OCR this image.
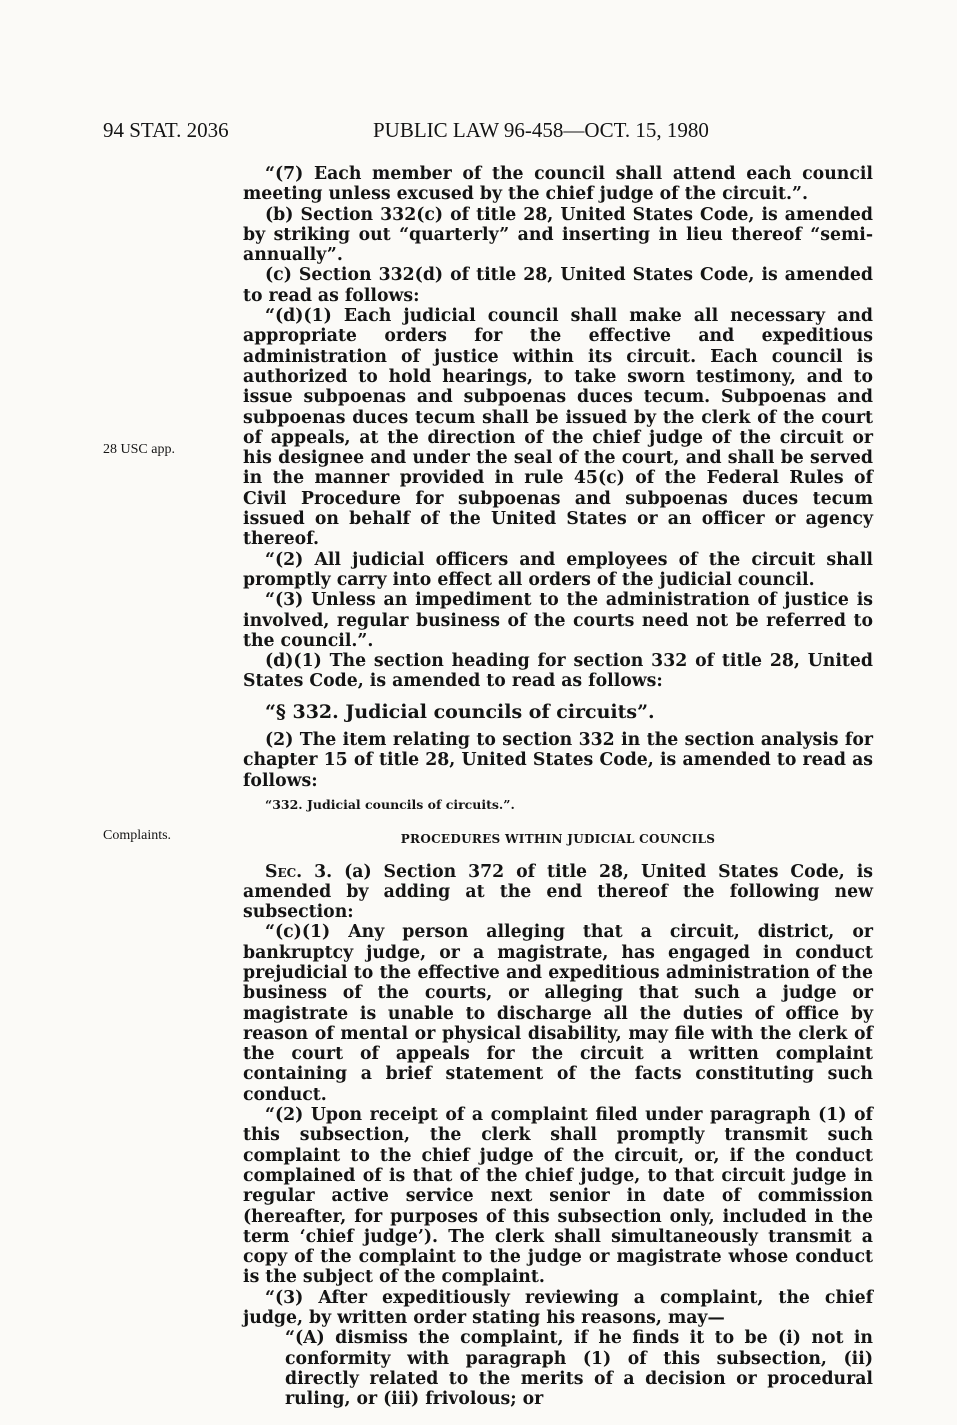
94 STAT. 2036	PUBLIC LAW 96-458—OCT. 15, 1980
28 USC app.
Complaints.

“(7) Each member of the council shall attend each council meeting unless excused by the chief judge of the circuit.”.

(b) Section 332(c) of title 28, United States Code, is amended by striking out “quarterly” and inserting in lieu thereof “semi-annually”.

(c) Section 332(d) of title 28, United States Code, is amended to read as follows:

“(d)(1) Each judicial council shall make all necessary and appropriate orders for the effective and expeditious administration of justice within its circuit. Each council is authorized to hold hearings, to take sworn testimony, and to issue subpoenas and subpoenas duces tecum. Subpoenas and subpoenas duces tecum shall be issued by the clerk of the court of appeals, at the direction of the chief judge of the circuit or his designee and under the seal of the court, and shall be served in the manner provided in rule 45(c) of the Federal Rules of Civil Procedure for subpoenas and subpoenas duces tecum issued on behalf of the United States or an officer or agency thereof.

“(2) All judicial officers and employees of the circuit shall promptly carry into effect all orders of the judicial council.

“(3) Unless an impediment to the administration of justice is involved, regular business of the courts need not be referred to the council.”.

(d)(1) The section heading for section 332 of title 28, United States Code, is amended to read as follows:

“§ 332. Judicial councils of circuits”.

(2) The item relating to section 332 in the section analysis for chapter 15 of title 28, United States Code, is amended to read as follows:

“332. Judicial councils of circuits.”.

PROCEDURES WITHIN JUDICIAL COUNCILS

Sec. 3. (a) Section 372 of title 28, United States Code, is amended by adding at the end thereof the following new subsection:

“(c)(1) Any person alleging that a circuit, district, or bankruptcy judge, or a magistrate, has engaged in conduct prejudicial to the effective and expeditious administration of the business of the courts, or alleging that such a judge or magistrate is unable to discharge all the duties of office by reason of mental or physical disability, may file with the clerk of the court of appeals for the circuit a written complaint containing a brief statement of the facts constituting such conduct.

“(2) Upon receipt of a complaint filed under paragraph (1) of this subsection, the clerk shall promptly transmit such complaint to the chief judge of the circuit, or, if the conduct complained of is that of the chief judge, to that circuit judge in regular active service next senior in date of commission (hereafter, for purposes of this subsection only, included in the term ‘chief judge’). The clerk shall simultaneously transmit a copy of the complaint to the judge or magistrate whose conduct is the subject of the complaint.

“(3) After expeditiously reviewing a complaint, the chief judge, by written order stating his reasons, may—

“(A) dismiss the complaint, if he finds it to be (i) not in conformity with paragraph (1) of this subsection, (ii) directly related to the merits of a decision or procedural ruling, or (iii) frivolous; or
